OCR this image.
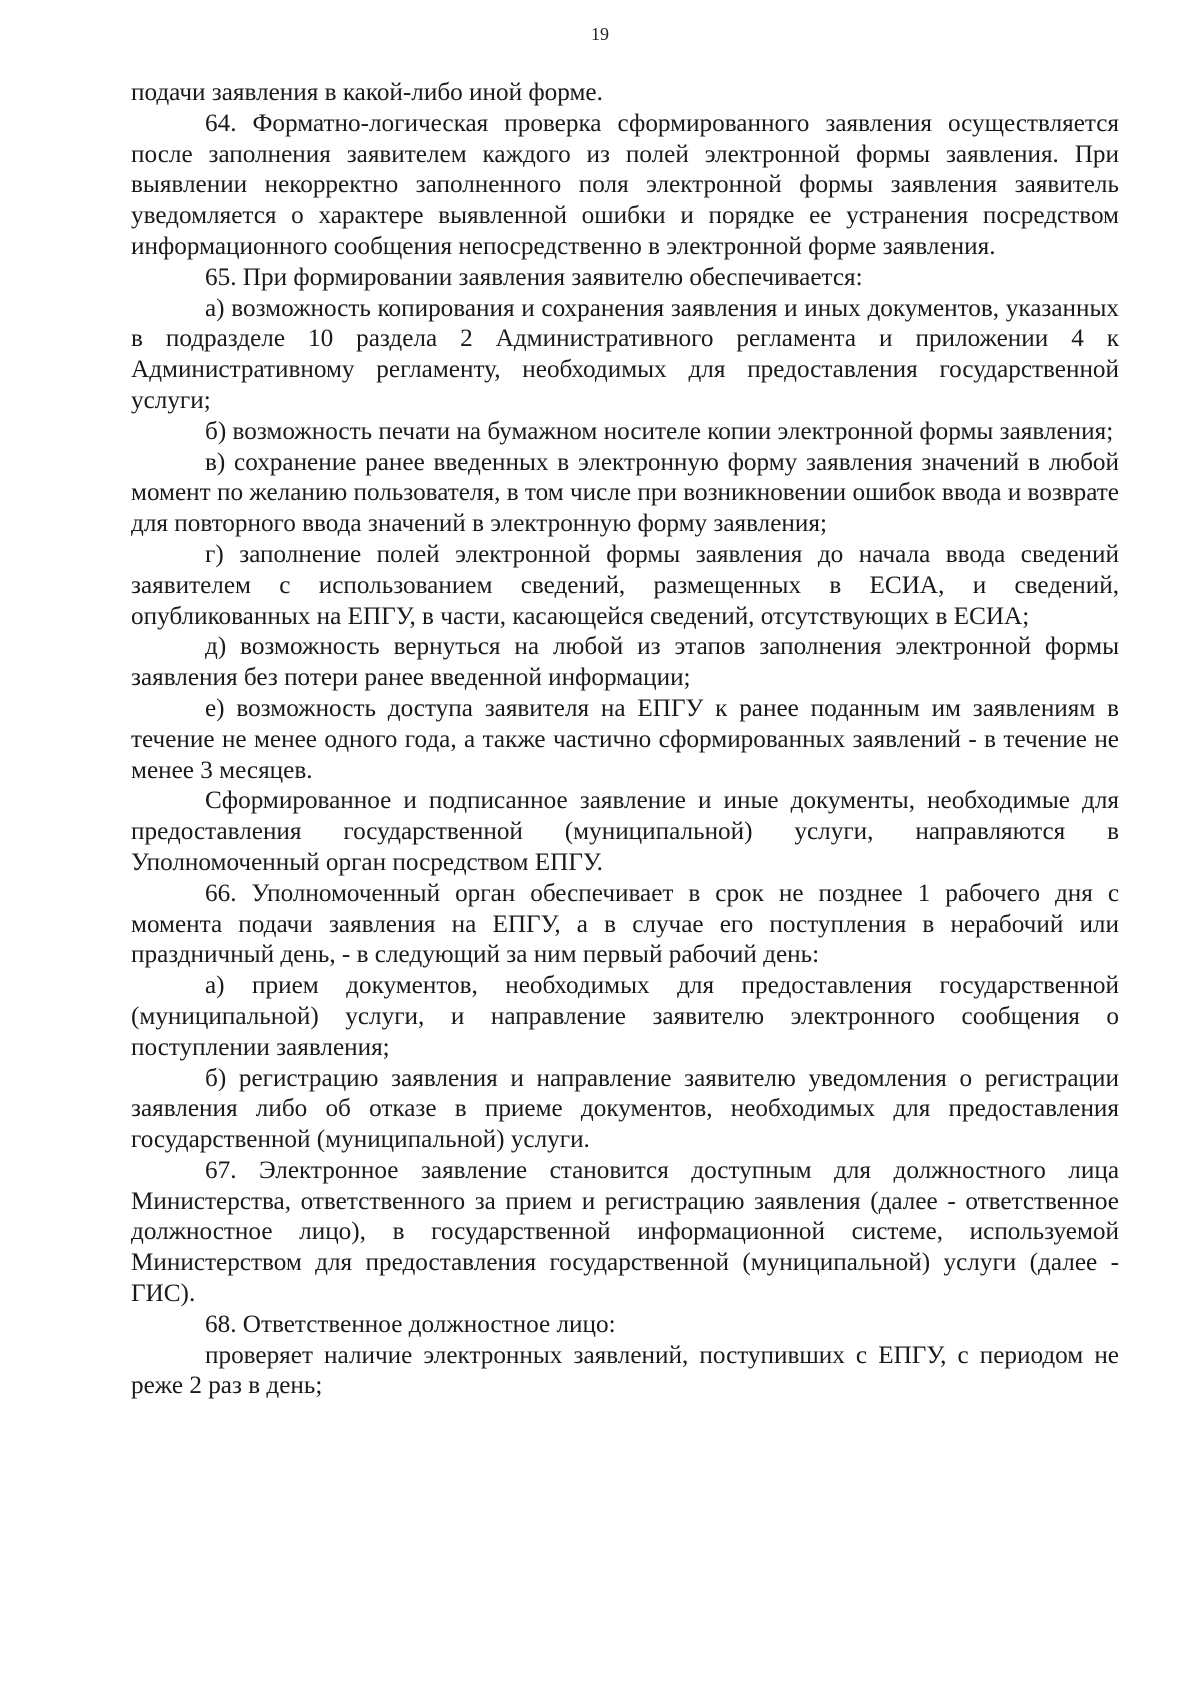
19

подачи заявления в какой-либо иной форме.

64. Форматно-логическая проверка сформированного заявления осуществляется после заполнения заявителем каждого из полей электронной формы заявления. При выявлении некорректно заполненного поля электронной формы заявления заявитель уведомляется о характере выявленной ошибки и порядке ее устранения посредством информационного сообщения непосредственно в электронной форме заявления.

65. При формировании заявления заявителю обеспечивается:

а) возможность копирования и сохранения заявления и иных документов, указанных в подразделе 10 раздела 2 Административного регламента и приложении 4 к Административному регламенту, необходимых для предоставления государственной услуги;

б) возможность печати на бумажном носителе копии электронной формы заявления;

в) сохранение ранее введенных в электронную форму заявления значений в любой момент по желанию пользователя, в том числе при возникновении ошибок ввода и возврате для повторного ввода значений в электронную форму заявления;

г) заполнение полей электронной формы заявления до начала ввода сведений заявителем с использованием сведений, размещенных в ЕСИА, и сведений, опубликованных на ЕПГУ, в части, касающейся сведений, отсутствующих в ЕСИА;

д) возможность вернуться на любой из этапов заполнения электронной формы заявления без потери ранее введенной информации;

е) возможность доступа заявителя на ЕПГУ к ранее поданным им заявлениям в течение не менее одного года, а также частично сформированных заявлений - в течение не менее 3 месяцев.

Сформированное и подписанное заявление и иные документы, необходимые для предоставления государственной (муниципальной) услуги, направляются в Уполномоченный орган посредством ЕПГУ.

66. Уполномоченный орган обеспечивает в срок не позднее 1 рабочего дня с момента подачи заявления на ЕПГУ, а в случае его поступления в нерабочий или праздничный день, - в следующий за ним первый рабочий день:

а) прием документов, необходимых для предоставления государственной (муниципальной) услуги, и направление заявителю электронного сообщения о поступлении заявления;

б) регистрацию заявления и направление заявителю уведомления о регистрации заявления либо об отказе в приеме документов, необходимых для предоставления государственной (муниципальной) услуги.

67. Электронное заявление становится доступным для должностного лица Министерства, ответственного за прием и регистрацию заявления (далее - ответственное должностное лицо), в государственной информационной системе, используемой Министерством для предоставления государственной (муниципальной) услуги (далее - ГИС).

68. Ответственное должностное лицо:

проверяет наличие электронных заявлений, поступивших с ЕПГУ, с периодом не реже 2 раз в день;
